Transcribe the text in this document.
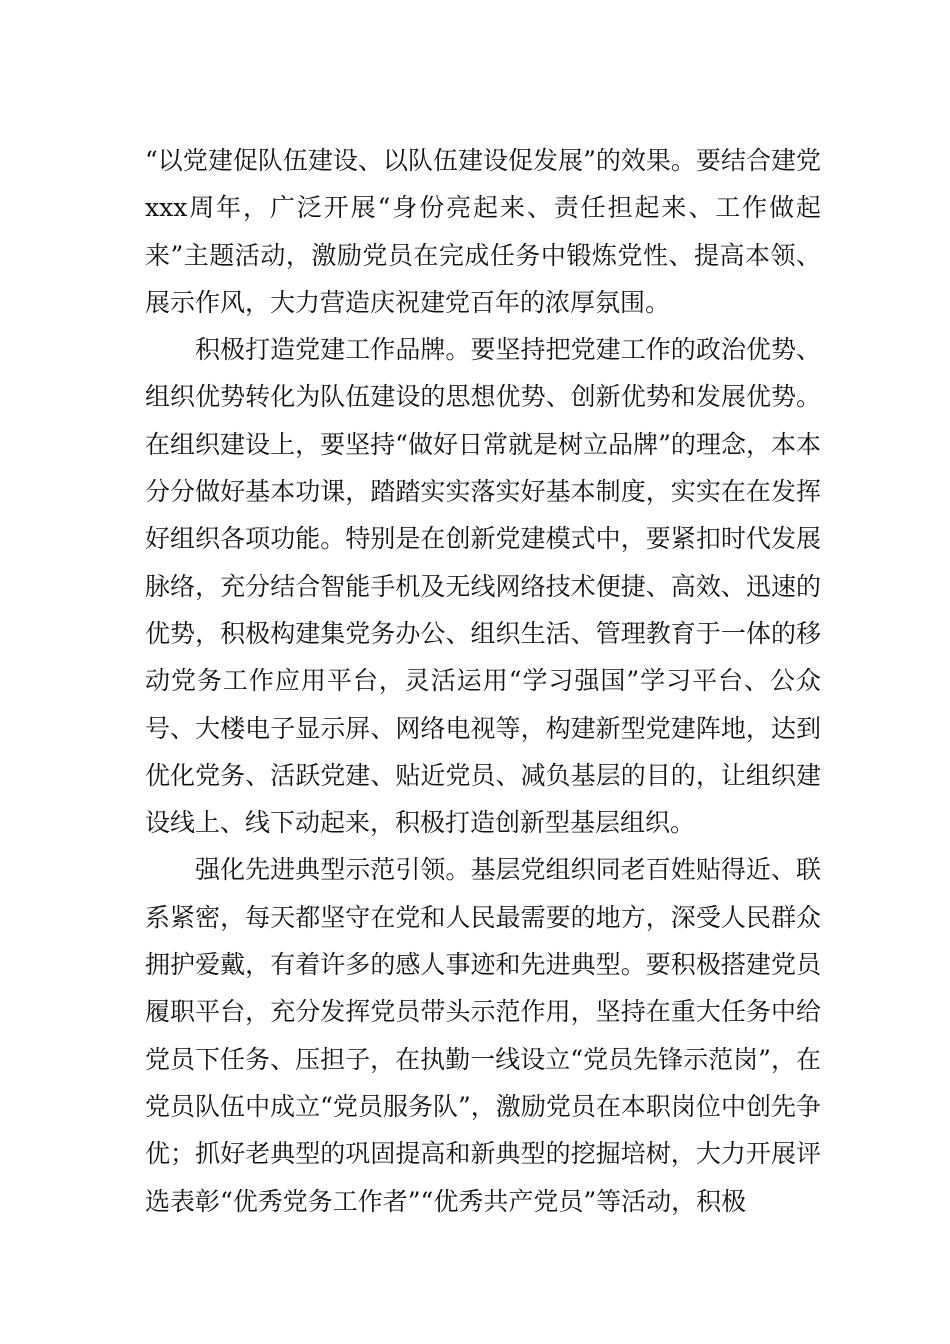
“以党建促队伍建设、以队伍建设促发展”的效果。要结合建党xxx周年，广泛开展“身份亮起来、责任担起来、工作做起来”主题活动，激励党员在完成任务中锻炼党性、提高本领、展示作风，大力营造庆祝建党百年的浓厚氛围。

积极打造党建工作品牌。要坚持把党建工作的政治优势、组织优势转化为队伍建设的思想优势、创新优势和发展优势。在组织建设上，要坚持“做好日常就是树立品牌”的理念，本本分分做好基本功课，踏踏实实落实好基本制度，实实在在发挥好组织各项功能。特别是在创新党建模式中，要紧扣时代发展脉络，充分结合智能手机及无线网络技术便捷、高效、迅速的优势，积极构建集党务办公、组织生活、管理教育于一体的移动党务工作应用平台，灵活运用“学习强国”学习平台、公众号、大楼电子显示屏、网络电视等，构建新型党建阵地，达到优化党务、活跃党建、贴近党员、减负基层的目的，让组织建设线上、线下动起来，积极打造创新型基层组织。

强化先进典型示范引领。基层党组织同老百姓贴得近、联系紧密，每天都坚守在党和人民最需要的地方，深受人民群众拥护爱戴，有着许多的感人事迹和先进典型。要积极搭建党员履职平台，充分发挥党员带头示范作用，坚持在重大任务中给党员下任务、压担子，在执勤一线设立“党员先锋示范岗”，在党员队伍中成立“党员服务队”，激励党员在本职岗位中创先争优；抓好老典型的巩固提高和新典型的挖掘培树，大力开展评选表彰“优秀党务工作者”“优秀共产党员”等活动，积极
